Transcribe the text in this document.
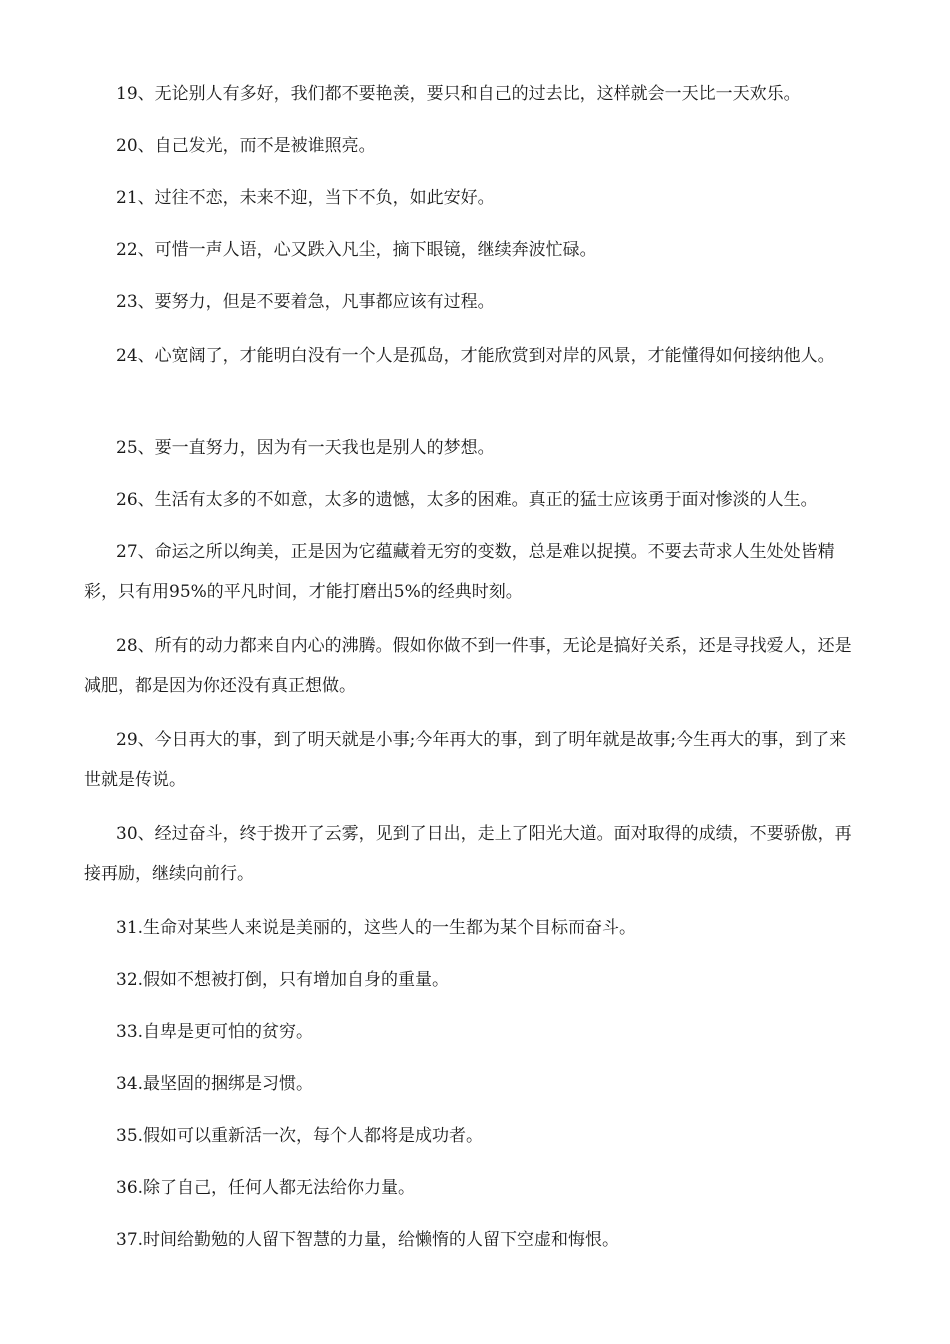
19、无论别人有多好，我们都不要艳羡，要只和自己的过去比，这样就会一天比一天欢乐。

20、自己发光，而不是被谁照亮。

21、过往不恋，未来不迎，当下不负，如此安好。

22、可惜一声人语，心又跌入凡尘，摘下眼镜，继续奔波忙碌。

23、要努力，但是不要着急，凡事都应该有过程。

24、心宽阔了，才能明白没有一个人是孤岛，才能欣赏到对岸的风景，才能懂得如何接纳他人。

25、要一直努力，因为有一天我也是别人的梦想。

26、生活有太多的不如意，太多的遗憾，太多的困难。真正的猛士应该勇于面对惨淡的人生。

27、命运之所以绚美，正是因为它蕴藏着无穷的变数，总是难以捉摸。不要去苛求人生处处皆精彩，只有用95%的平凡时间，才能打磨出5%的经典时刻。

28、所有的动力都来自内心的沸腾。假如你做不到一件事，无论是搞好关系，还是寻找爱人，还是减肥，都是因为你还没有真正想做。

29、今日再大的事，到了明天就是小事;今年再大的事，到了明年就是故事;今生再大的事，到了来世就是传说。

30、经过奋斗，终于拨开了云雾，见到了日出，走上了阳光大道。面对取得的成绩，不要骄傲，再接再励，继续向前行。

31.生命对某些人来说是美丽的，这些人的一生都为某个目标而奋斗。

32.假如不想被打倒，只有增加自身的重量。

33.自卑是更可怕的贫穷。

34.最坚固的捆绑是习惯。

35.假如可以重新活一次，每个人都将是成功者。

36.除了自己，任何人都无法给你力量。

37.时间给勤勉的人留下智慧的力量，给懒惰的人留下空虚和悔恨。
